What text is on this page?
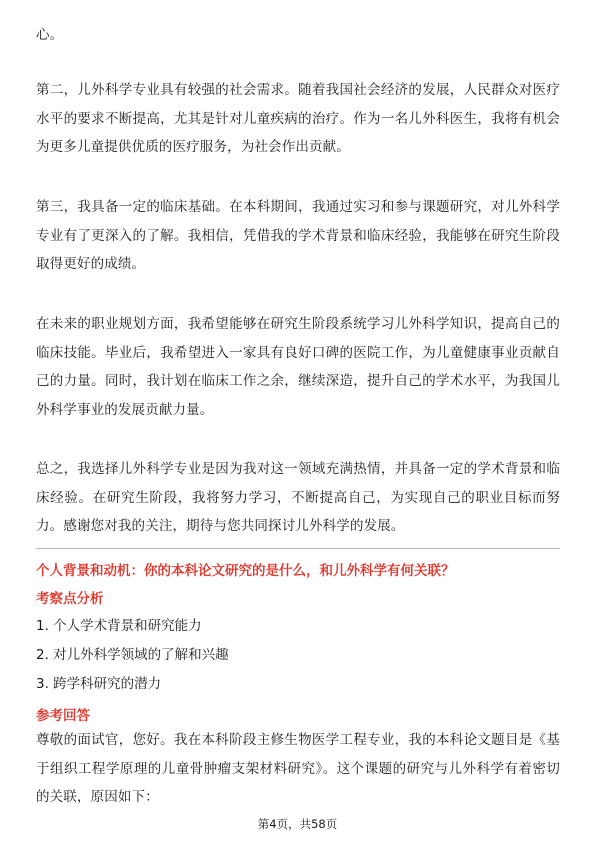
心。

第二，儿外科学专业具有较强的社会需求。随着我国社会经济的发展，人民群众对医疗水平的要求不断提高，尤其是针对儿童疾病的治疗。作为一名儿外科医生，我将有机会为更多儿童提供优质的医疗服务，为社会作出贡献。

第三，我具备一定的临床基础。在本科期间，我通过实习和参与课题研究，对儿外科学专业有了更深入的了解。我相信，凭借我的学术背景和临床经验，我能够在研究生阶段取得更好的成绩。

在未来的职业规划方面，我希望能够在研究生阶段系统学习儿外科学知识，提高自己的临床技能。毕业后，我希望进入一家具有良好口碑的医院工作，为儿童健康事业贡献自己的力量。同时，我计划在临床工作之余，继续深造，提升自己的学术水平，为我国儿外科学事业的发展贡献力量。

总之，我选择儿外科学专业是因为我对这一领域充满热情，并具备一定的学术背景和临床经验。在研究生阶段，我将努力学习，不断提高自己，为实现自己的职业目标而努力。感谢您对我的关注，期待与您共同探讨儿外科学的发展。

个人背景和动机：你的本科论文研究的是什么，和儿外科学有何关联？

考察点分析

1. 个人学术背景和研究能力

2. 对儿外科学领域的了解和兴趣

3. 跨学科研究的潜力

参考回答

尊敬的面试官，您好。我在本科阶段主修生物医学工程专业，我的本科论文题目是《基于组织工程学原理的儿童骨肿瘤支架材料研究》。这个课题的研究与儿外科学有着密切的关联，原因如下：

第4页，共58页
